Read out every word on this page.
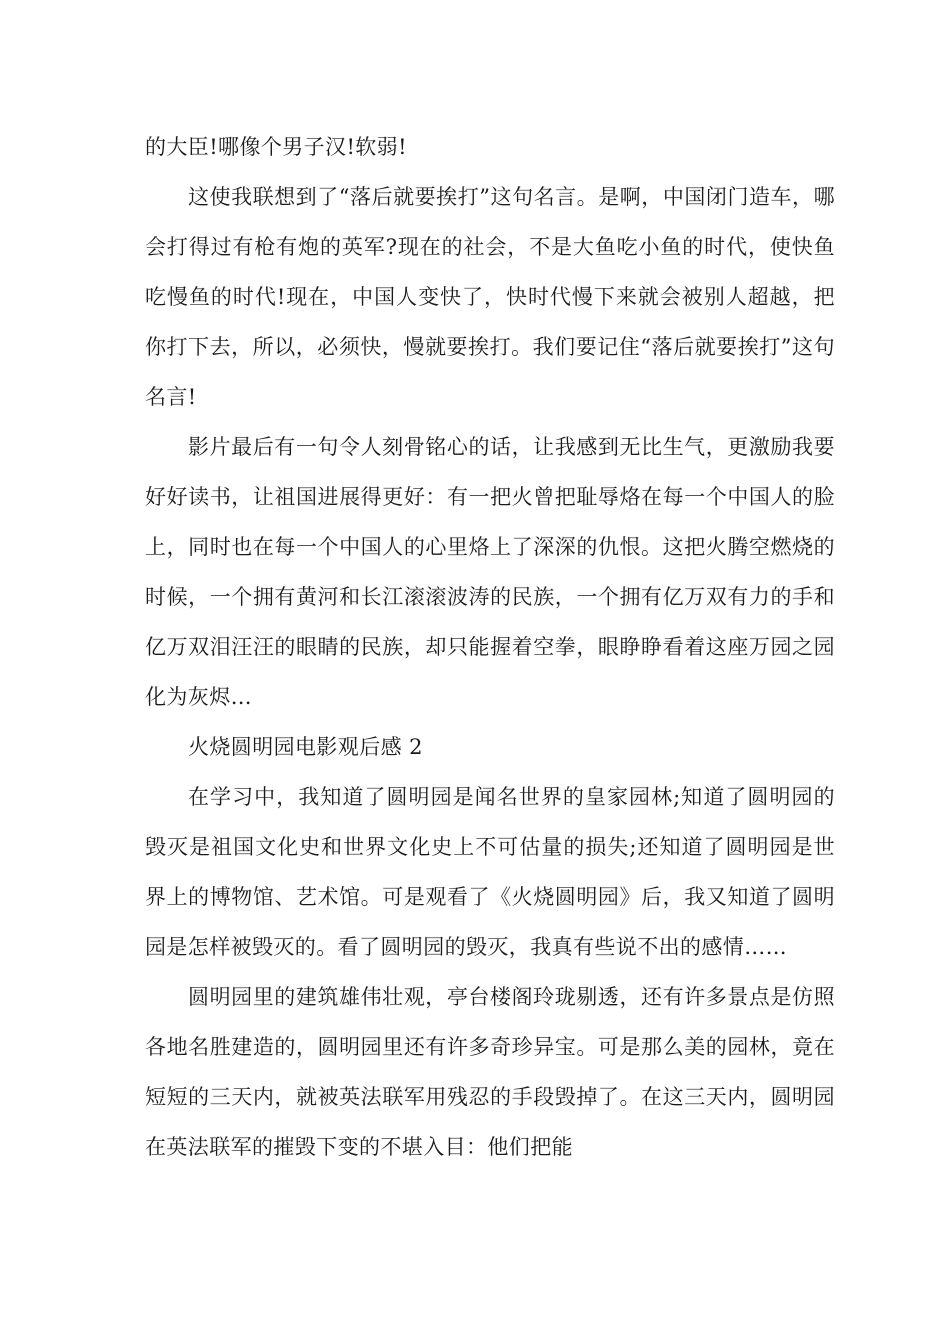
的大臣!哪像个男子汉!软弱!

这使我联想到了“落后就要挨打”这句名言。是啊，中国闭门造车，哪会打得过有枪有炮的英军?现在的社会，不是大鱼吃小鱼的时代，使快鱼吃慢鱼的时代!现在，中国人变快了，快时代慢下来就会被别人超越，把你打下去，所以，必须快，慢就要挨打。我们要记住“落后就要挨打”这句名言!

影片最后有一句令人刻骨铭心的话，让我感到无比生气，更激励我要好好读书，让祖国进展得更好：有一把火曾把耻辱烙在每一个中国人的脸上，同时也在每一个中国人的心里烙上了深深的仇恨。这把火腾空燃烧的时候，一个拥有黄河和长江滚滚波涛的民族，一个拥有亿万双有力的手和亿万双泪汪汪的眼睛的民族，却只能握着空拳，眼睁睁看着这座万园之园化为灰烬…

火烧圆明园电影观后感 2

在学习中，我知道了圆明园是闻名世界的皇家园林;知道了圆明园的毁灭是祖国文化史和世界文化史上不可估量的损失;还知道了圆明园是世界上的博物馆、艺术馆。可是观看了《火烧圆明园》后，我又知道了圆明园是怎样被毁灭的。看了圆明园的毁灭，我真有些说不出的感情……

圆明园里的建筑雄伟壮观，亭台楼阁玲珑剔透，还有许多景点是仿照各地名胜建造的，圆明园里还有许多奇珍异宝。可是那么美的园林，竟在短短的三天内，就被英法联军用残忍的手段毁掉了。在这三天内，圆明园在英法联军的摧毁下变的不堪入目：他们把能
